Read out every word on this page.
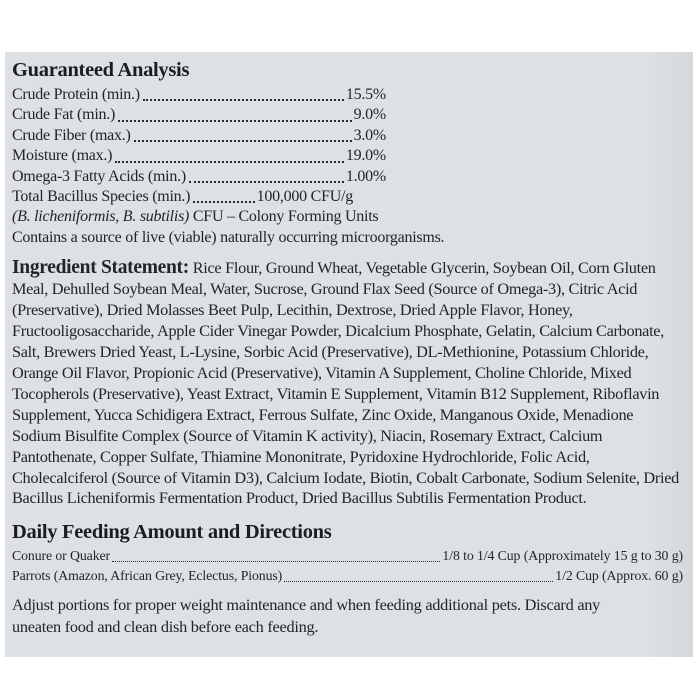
Guaranteed Analysis
Crude Protein (min.)	15.5%
Crude Fat (min.)	9.0%
Crude Fiber (max.)	3.0%
Moisture (max.)	19.0%
Omega-3 Fatty Acids (min.)	1.00%
Total Bacillus Species (min.)	100,000 CFU/g
(B. licheniformis, B. subtilis) CFU – Colony Forming Units
Contains a source of live (viable) naturally occurring microorganisms.

Ingredient Statement: Rice Flour, Ground Wheat, Vegetable Glycerin, Soybean Oil, Corn Gluten Meal, Dehulled Soybean Meal, Water, Sucrose, Ground Flax Seed (Source of Omega-3), Citric Acid (Preservative), Dried Molasses Beet Pulp, Lecithin, Dextrose, Dried Apple Flavor, Honey, Fructooligosaccharide, Apple Cider Vinegar Powder, Dicalcium Phosphate, Gelatin, Calcium Carbonate, Salt, Brewers Dried Yeast, L-Lysine, Sorbic Acid (Preservative), DL-Methionine, Potassium Chloride, Orange Oil Flavor, Propionic Acid (Preservative), Vitamin A Supplement, Choline Chloride, Mixed Tocopherols (Preservative), Yeast Extract, Vitamin E Supplement, Vitamin B12 Supplement, Riboflavin Supplement, Yucca Schidigera Extract, Ferrous Sulfate, Zinc Oxide, Manganous Oxide, Menadione Sodium Bisulfite Complex (Source of Vitamin K activity), Niacin, Rosemary Extract, Calcium Pantothenate, Copper Sulfate, Thiamine Mononitrate, Pyridoxine Hydrochloride, Folic Acid, Cholecalciferol (Source of Vitamin D3), Calcium Iodate, Biotin, Cobalt Carbonate, Sodium Selenite, Dried Bacillus Licheniformis Fermentation Product, Dried Bacillus Subtilis Fermentation Product.

Daily Feeding Amount and Directions
Conure or Quaker	1/8 to 1/4 Cup (Approximately 15 g to 30 g)
Parrots (Amazon, African Grey, Eclectus, Pionus)	1/2 Cup (Approx. 60 g)

Adjust portions for proper weight maintenance and when feeding additional pets. Discard any uneaten food and clean dish before each feeding.
